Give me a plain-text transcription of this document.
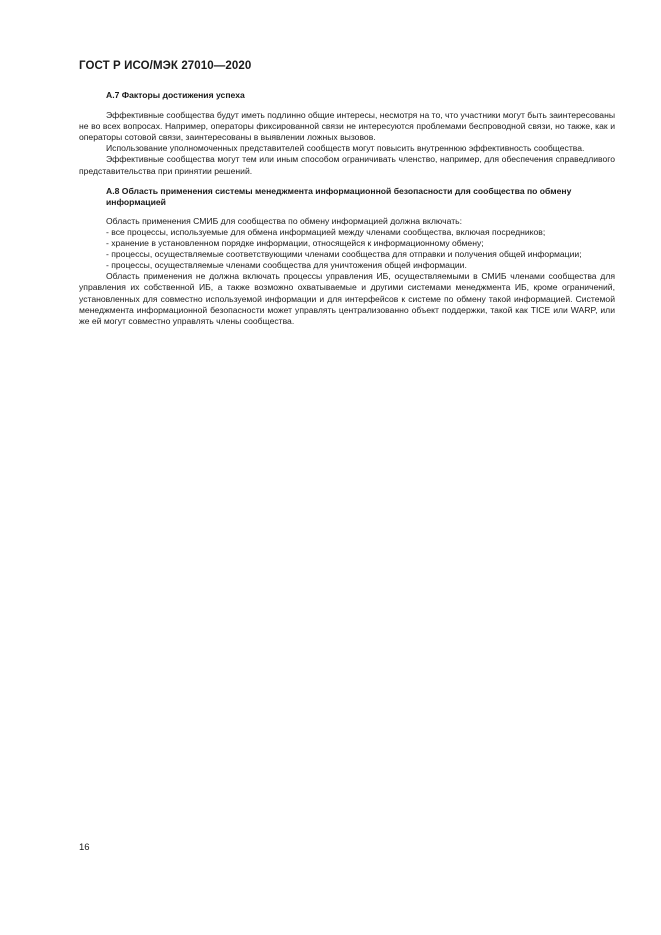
ГОСТ Р ИСО/МЭК 27010—2020

А.7 Факторы достижения успеха

Эффективные сообщества будут иметь подлинно общие интересы, несмотря на то, что участники могут быть заинтересованы не во всех вопросах. Например, операторы фиксированной связи не интересуются проблемами беспроводной связи, но также, как и операторы сотовой связи, заинтересованы в выявлении ложных вызовов.

Использование уполномоченных представителей сообществ могут повысить внутреннюю эффективность сообщества.

Эффективные сообщества могут тем или иным способом ограничивать членство, например, для обеспечения справедливого представительства при принятии решений.

А.8 Область применения системы менеджмента информационной безопасности для сообщества по обмену информацией

Область применения СМИБ для сообщества по обмену информацией должна включать:

- все процессы, используемые для обмена информацией между членами сообщества, включая посредников;

- хранение в установленном порядке информации, относящейся к информационному обмену;

- процессы, осуществляемые соответствующими членами сообщества для отправки и получения общей информации;

- процессы, осуществляемые членами сообщества для уничтожения общей информации.

Область применения не должна включать процессы управления ИБ, осуществляемыми в СМИБ членами сообщества для управления их собственной ИБ, а также возможно охватываемые и другими системами менеджмента ИБ, кроме ограничений, установленных для совместно используемой информации и для интерфейсов к системе по обмену такой информацией. Системой менеджмента информационной безопасности может управлять централизованно объект поддержки, такой как TICE или WARP, или же ей могут совместно управлять члены сообщества.

16
